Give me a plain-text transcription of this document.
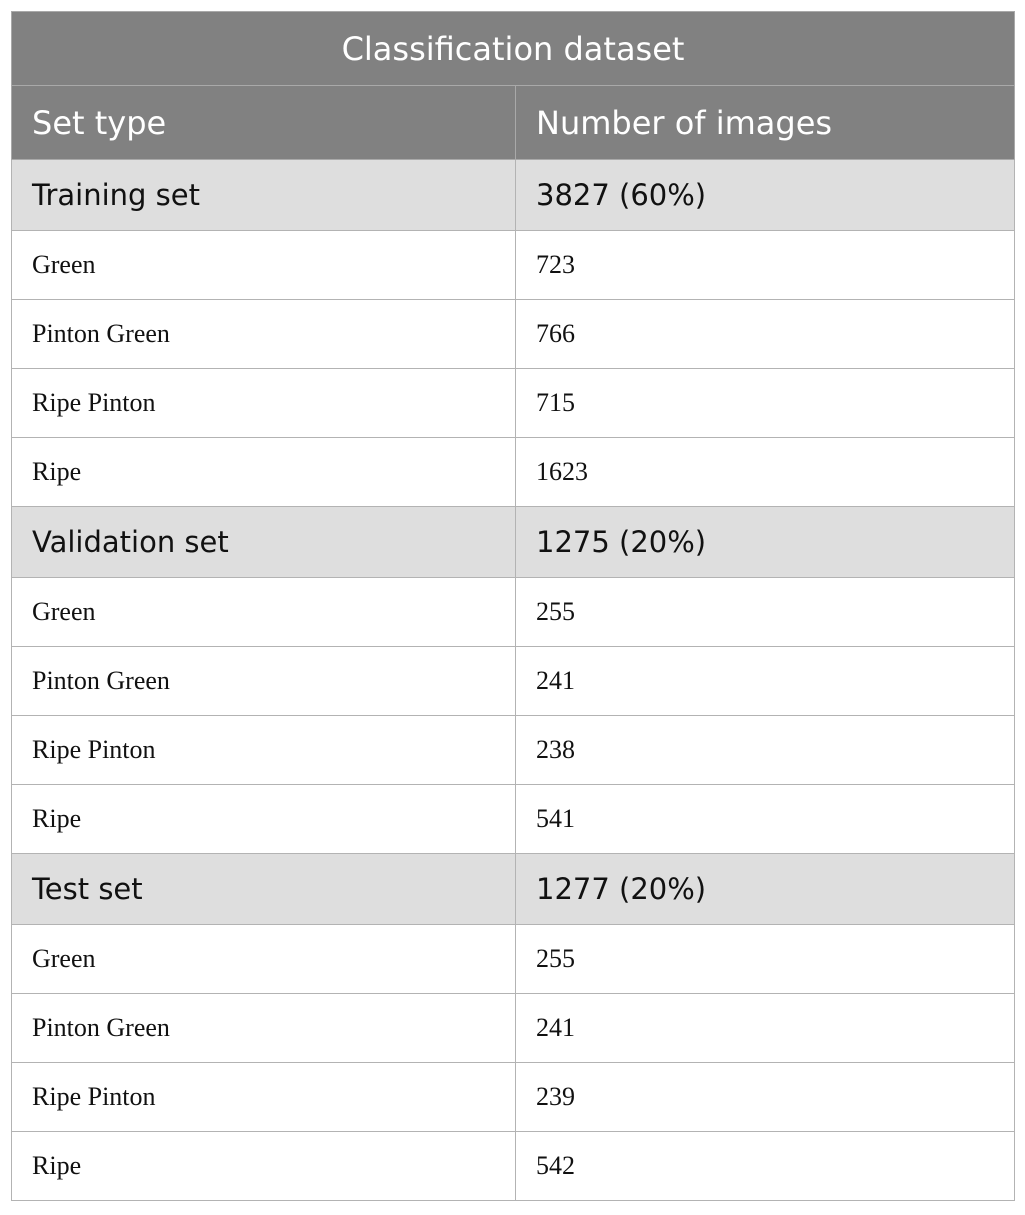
Classification dataset	
Set type	Number of images
Training set	3827 (60%)
Green	723
Pinton Green	766
Ripe Pinton	715
Ripe	1623
Validation set	1275 (20%)
Green	255
Pinton Green	241
Ripe Pinton	238
Ripe	541
Test set	1277 (20%)
Green	255
Pinton Green	241
Ripe Pinton	239
Ripe	542
